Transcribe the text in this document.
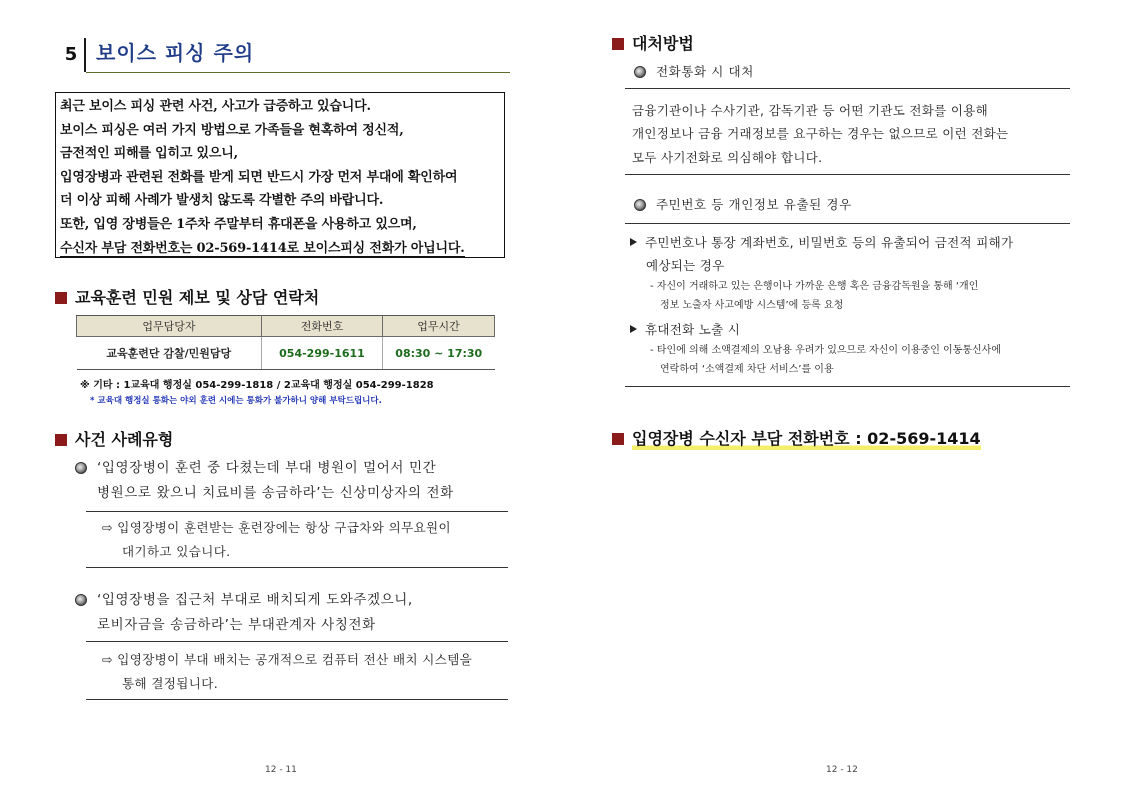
5 보이스 피싱 주의
최근 보이스 피싱 관련 사건, 사고가 급증하고 있습니다.
보이스 피싱은 여러 가지 방법으로 가족들을 현혹하여 정신적,
금전적인 피해를 입히고 있으니,
입영장병과 관련된 전화를 받게 되면 반드시 가장 먼저 부대에 확인하여
더 이상 피해 사례가 발생치 않도록 각별한 주의 바랍니다.
또한, 입영 장병들은 1주차 주말부터 휴대폰을 사용하고 있으며,
수신자 부담 전화번호는 02-569-1414로 보이스피싱 전화가 아닙니다.
교육훈련 민원 제보 및 상담 연락처
업무담당자	전화번호	업무시간
교육훈련단 감찰/민원담당	054-299-1611	08:30 ~ 17:30
※ 기타 : 1교육대 행정실 054-299-1818 / 2교육대 행정실 054-299-1828
* 교육대 행정실 통화는 야외 훈련 시에는 통화가 불가하니 양해 부탁드립니다.
사건 사례유형
‘입영장병이 훈련 중 다쳤는데 부대 병원이 멀어서 민간
병원으로 왔으니 치료비를 송금하라’는 신상미상자의 전화
⇨ 입영장병이 훈련받는 훈련장에는 항상 구급차와 의무요원이
대기하고 있습니다.
‘입영장병을 집근처 부대로 배치되게 도와주겠으니,
로비자금을 송금하라’는 부대관계자 사칭전화
⇨ 입영장병이 부대 배치는 공개적으로 컴퓨터 전산 배치 시스템을
통해 결정됩니다.
12 - 11
대처방법
전화통화 시 대처
금융기관이나 수사기관, 감독기관 등 어떤 기관도 전화를 이용해
개인정보나 금융 거래정보를 요구하는 경우는 없으므로 이런 전화는
모두 사기전화로 의심해야 합니다.
주민번호 등 개인정보 유출된 경우
주민번호나 통장 계좌번호, 비밀번호 등의 유출되어 금전적 피해가
예상되는 경우
- 자신이 거래하고 있는 은행이나 가까운 은행 혹은 금융감독원을 통해 ‘개인
정보 노출자 사고예방 시스템’에 등록 요청
휴대전화 노출 시
- 타인에 의해 소액결제의 오남용 우려가 있으므로 자신이 이용중인 이동통신사에
연락하여 ‘소액결제 차단 서비스’를 이용
입영장병 수신자 부담 전화번호 : 02-569-1414
12 - 12
